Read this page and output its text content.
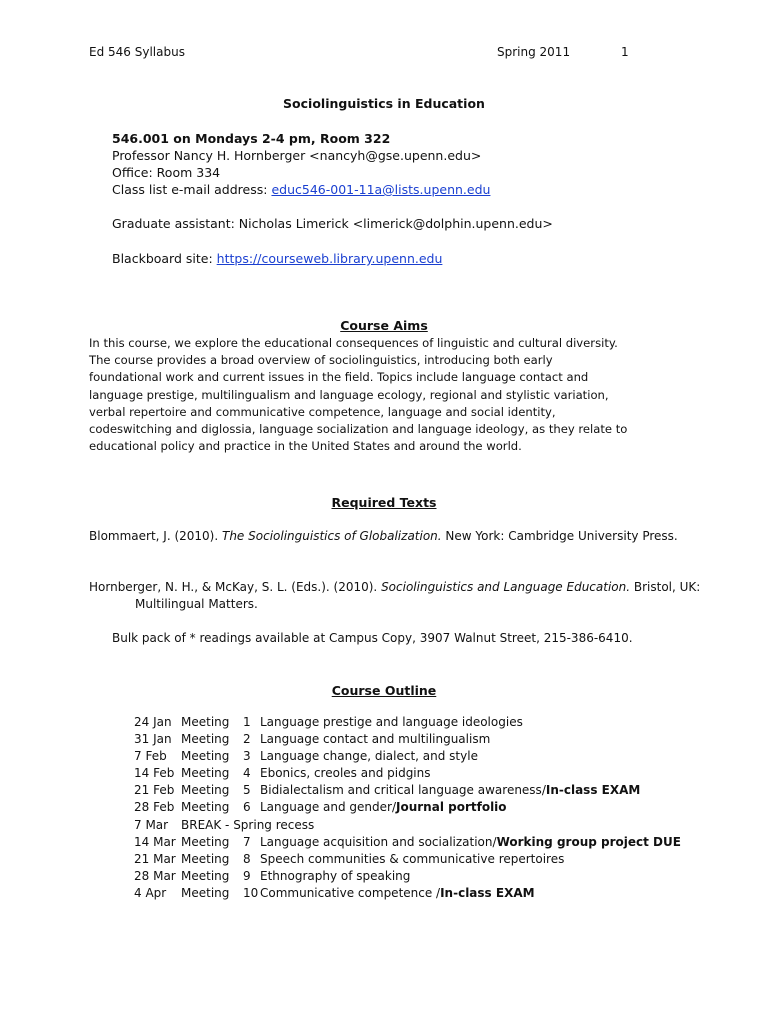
Ed 546 Syllabus	Spring 2011	1
Sociolinguistics in Education
546.001 on Mondays 2-4 pm, Room 322
Professor Nancy H. Hornberger <nancyh@gse.upenn.edu>
Office: Room 334
Class list e-mail address: educ546-001-11a@lists.upenn.edu
Graduate assistant: Nicholas Limerick <limerick@dolphin.upenn.edu>
Blackboard site: https://courseweb.library.upenn.edu
Course Aims
In this course, we explore the educational consequences of linguistic and cultural diversity. The course provides a broad overview of sociolinguistics, introducing both early foundational work and current issues in the field. Topics include language contact and language prestige, multilingualism and language ecology, regional and stylistic variation, verbal repertoire and communicative competence, language and social identity, codeswitching and diglossia, language socialization and language ideology, as they relate to educational policy and practice in the United States and around the world.
Required Texts
Blommaert, J. (2010). The Sociolinguistics of Globalization. New York: Cambridge University Press.
Hornberger, N. H., & McKay, S. L. (Eds.). (2010). Sociolinguistics and Language Education. Bristol, UK: Multilingual Matters.
Bulk pack of * readings available at Campus Copy, 3907 Walnut Street, 215-386-6410.
Course Outline
24 Jan Meeting 1 Language prestige and language ideologies
31 Jan Meeting 2 Language contact and multilingualism
7 Feb Meeting 3 Language change, dialect, and style
14 Feb Meeting 4 Ebonics, creoles and pidgins
21 Feb Meeting 5 Bidialectalism and critical language awareness/In-class EXAM
28 Feb Meeting 6 Language and gender/Journal portfolio
7 Mar BREAK - Spring recess
14 Mar Meeting 7 Language acquisition and socialization/Working group project DUE
21 Mar Meeting 8 Speech communities & communicative repertoires
28 Mar Meeting 9 Ethnography of speaking
4 Apr Meeting 10 Communicative competence /In-class EXAM
